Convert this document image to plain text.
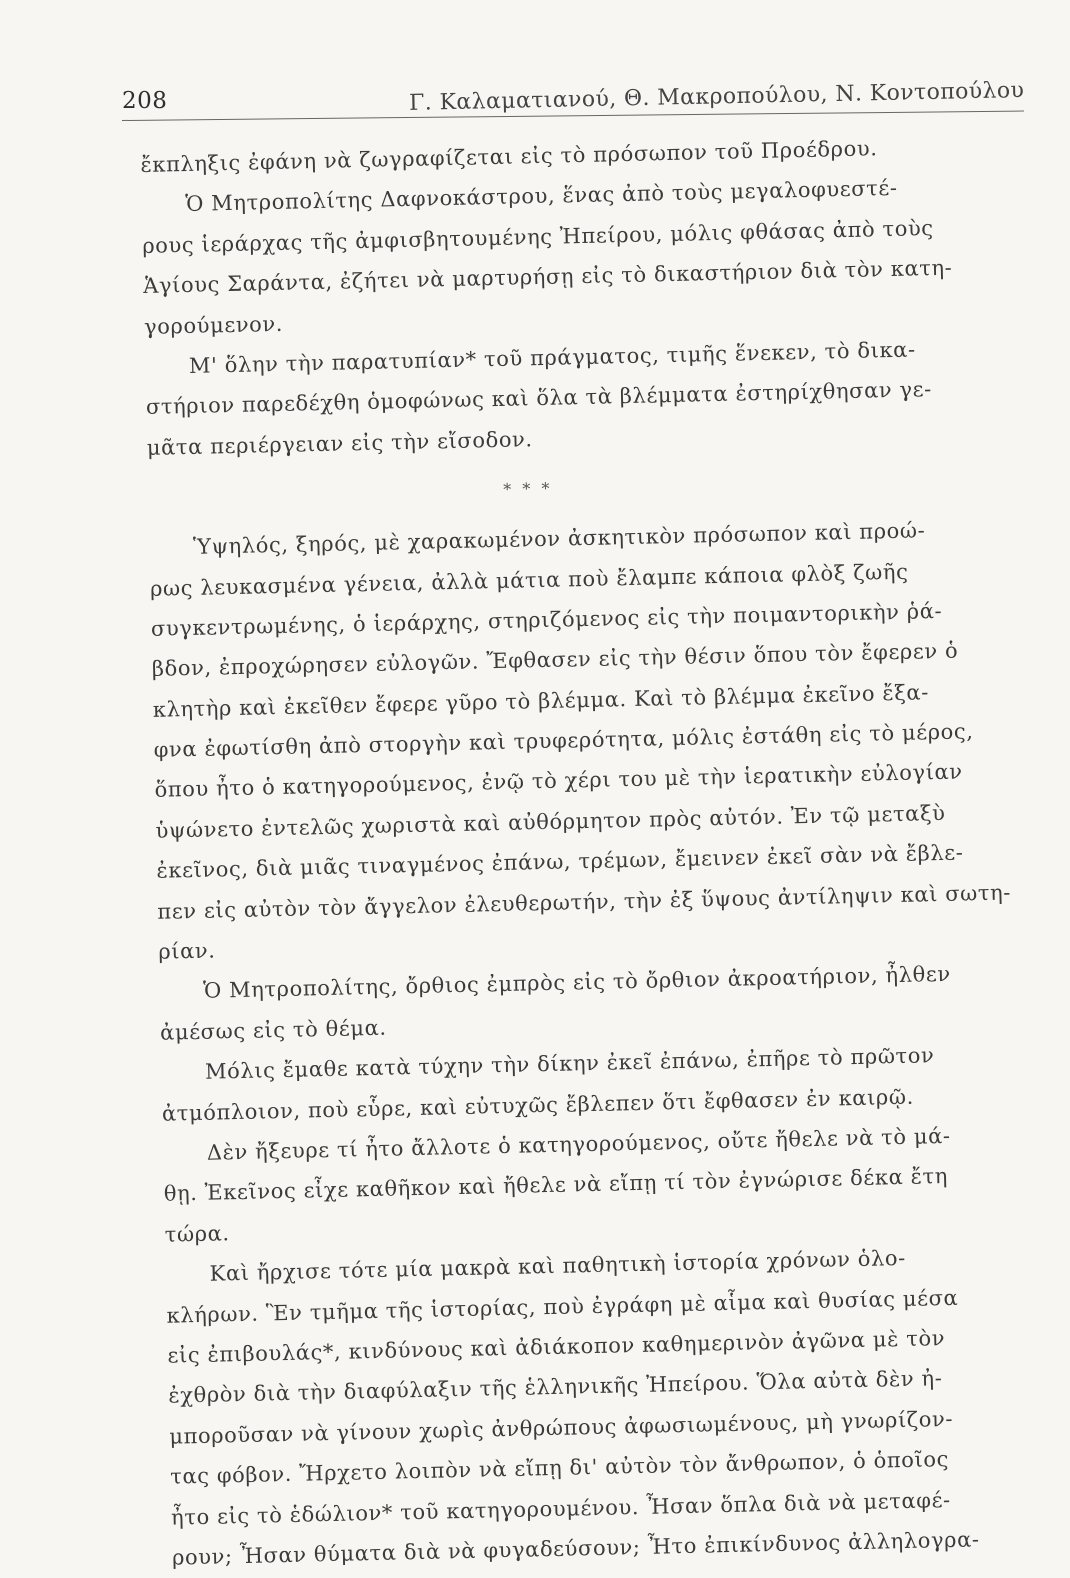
208	Γ. Καλαματιανού, Θ. Μακροπούλου, Ν. Κοντοπούλου
ἔκπληξις ἐφάνη νὰ ζωγραφίζεται εἰς τὸ πρόσωπον τοῦ Προέδρου.
Ὁ Μητροπολίτης Δαφνοκάστρου, ἕνας ἀπὸ τοὺς μεγαλοφυεστέ-
ρους ἱεράρχας τῆς ἀμφισβητουμένης Ἠπείρου, μόλις φθάσας ἀπὸ τοὺς
Ἁγίους Σαράντα, ἐζήτει νὰ μαρτυρήσῃ εἰς τὸ δικαστήριον διὰ τὸν κατη-
γορούμενον.
Μ' ὅλην τὴν παρατυπίαν* τοῦ πράγματος, τιμῆς ἕνεκεν, τὸ δικα-
στήριον παρεδέχθη ὁμοφώνως καὶ ὅλα τὰ βλέμματα ἐστηρίχθησαν γε-
μᾶτα περιέργειαν εἰς τὴν εἴσοδον.
* * *
Ὑψηλός, ξηρός, μὲ χαρακωμένον ἀσκητικὸν πρόσωπον καὶ προώ-
ρως λευκασμένα γένεια, ἀλλὰ μάτια ποὺ ἔλαμπε κάποια φλὸξ ζωῆς
συγκεντρωμένης, ὁ ἱεράρχης, στηριζόμενος εἰς τὴν ποιμαντορικὴν ῥά-
βδον, ἐπροχώρησεν εὐλογῶν. Ἔφθασεν εἰς τὴν θέσιν ὅπου τὸν ἔφερεν ὁ
κλητὴρ καὶ ἐκεῖθεν ἔφερε γῦρο τὸ βλέμμα. Καὶ τὸ βλέμμα ἐκεῖνο ἔξα-
φνα ἐφωτίσθη ἀπὸ στοργὴν καὶ τρυφερότητα, μόλις ἐστάθη εἰς τὸ μέρος,
ὅπου ἦτο ὁ κατηγορούμενος, ἐνῷ τὸ χέρι του μὲ τὴν ἱερατικὴν εὐλογίαν
ὑψώνετο ἐντελῶς χωριστὰ καὶ αὐθόρμητον πρὸς αὐτόν. Ἐν τῷ μεταξὺ
ἐκεῖνος, διὰ μιᾶς τιναγμένος ἐπάνω, τρέμων, ἔμεινεν ἐκεῖ σὰν νὰ ἔβλε-
πεν εἰς αὐτὸν τὸν ἄγγελον ἐλευθερωτήν, τὴν ἐξ ὕψους ἀντίληψιν καὶ σωτη-
ρίαν.
Ὁ Μητροπολίτης, ὄρθιος ἐμπρὸς εἰς τὸ ὄρθιον ἀκροατήριον, ἦλθεν
ἀμέσως εἰς τὸ θέμα.
Μόλις ἔμαθε κατὰ τύχην τὴν δίκην ἐκεῖ ἐπάνω, ἐπῆρε τὸ πρῶτον
ἀτμόπλοιον, ποὺ εὗρε, καὶ εὐτυχῶς ἔβλεπεν ὅτι ἔφθασεν ἐν καιρῷ.
Δὲν ἤξευρε τί ἦτο ἄλλοτε ὁ κατηγορούμενος, οὔτε ἤθελε νὰ τὸ μά-
θῃ. Ἐκεῖνος εἶχε καθῆκον καὶ ἤθελε νὰ εἴπῃ τί τὸν ἐγνώρισε δέκα ἔτη
τώρα.
Καὶ ἤρχισε τότε μία μακρὰ καὶ παθητικὴ ἱστορία χρόνων ὁλο-
κλήρων. Ἓν τμῆμα τῆς ἱστορίας, ποὺ ἐγράφη μὲ αἷμα καὶ θυσίας μέσα
εἰς ἐπιβουλάς*, κινδύνους καὶ ἀδιάκοπον καθημερινὸν ἀγῶνα μὲ τὸν
ἐχθρὸν διὰ τὴν διαφύλαξιν τῆς ἑλληνικῆς Ἠπείρου. Ὅλα αὐτὰ δὲν ἠ-
μποροῦσαν νὰ γίνουν χωρὶς ἀνθρώπους ἀφωσιωμένους, μὴ γνωρίζον-
τας φόβον. Ἤρχετο λοιπὸν νὰ εἴπῃ δι' αὐτὸν τὸν ἄνθρωπον, ὁ ὁποῖος
ἦτο εἰς τὸ ἑδώλιον* τοῦ κατηγορουμένου. Ἦσαν ὅπλα διὰ νὰ μεταφέ-
ρουν; Ἦσαν θύματα διὰ νὰ φυγαδεύσουν; Ἦτο ἐπικίνδυνος ἀλληλογρα-
